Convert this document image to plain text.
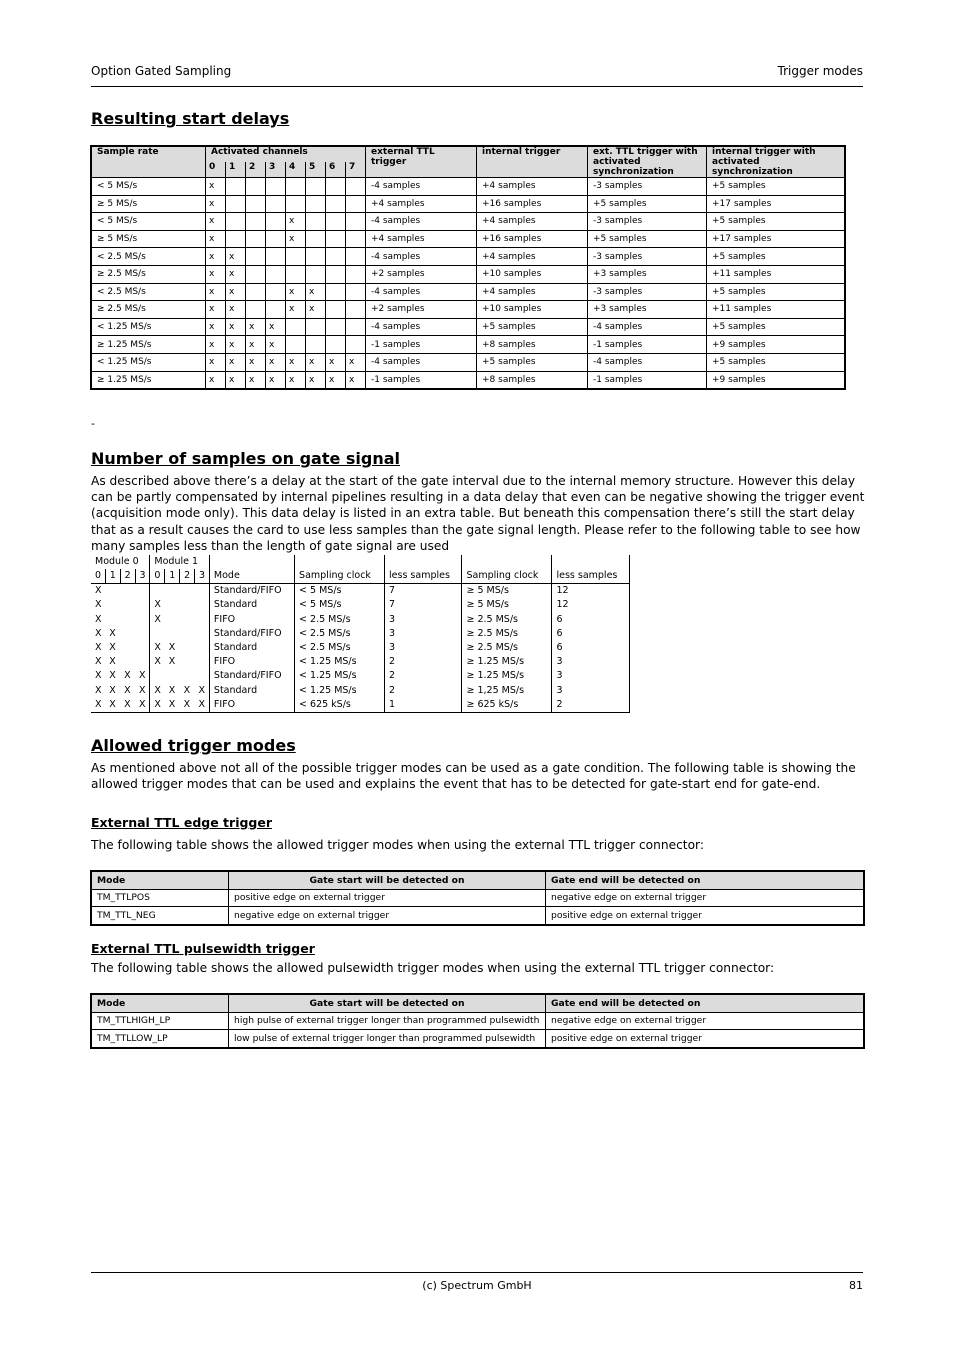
Option Gated Sampling	Trigger modes
Resulting start delays
Sample rate	Activated channels								external TTL trigger	internal trigger	ext. TTL trigger with activated synchronization	internal trigger with activated synchronization
	0	1	2	3	4	5	6	7				
< 5 MS/s	x								-4 samples	+4 samples	-3 samples	+5 samples
≥ 5 MS/s	x								+4 samples	+16 samples	+5 samples	+17 samples
< 5 MS/s	x				x				-4 samples	+4 samples	-3 samples	+5 samples
≥ 5 MS/s	x				x				+4 samples	+16 samples	+5 samples	+17 samples
< 2.5 MS/s	x	x							-4 samples	+4 samples	-3 samples	+5 samples
≥ 2.5 MS/s	x	x							+2 samples	+10 samples	+3 samples	+11 samples
< 2.5 MS/s	x	x			x	x			-4 samples	+4 samples	-3 samples	+5 samples
≥ 2.5 MS/s	x	x			x	x			+2 samples	+10 samples	+3 samples	+11 samples
< 1.25 MS/s	x	x	x	x					-4 samples	+5 samples	-4 samples	+5 samples
≥ 1.25 MS/s	x	x	x	x					-1 samples	+8 samples	-1 samples	+9 samples
< 1.25 MS/s	x	x	x	x	x	x	x	x	-4 samples	+5 samples	-4 samples	+5 samples
≥ 1.25 MS/s	x	x	x	x	x	x	x	x	-1 samples	+8 samples	-1 samples	+9 samples
-
Number of samples on gate signal

As described above there’s a delay at the start of the gate interval due to the internal memory structure. However this delay can be partly compensated by internal pipelines resulting in a data delay that even can be negative showing the trigger event (acquisition mode only). This data delay is listed in an extra table. But beneath this compensation there’s still the start delay that as a result causes the card to use less samples than the gate signal length. Please refer to the following table to see how many samples less than the length of gate signal are used

Module 0				Module 1								
0	1	2	3	0	1	2	3	Mode	Sampling clock	less samples	Sampling clock	less samples
X								Standard/FIFO	< 5 MS/s	7	≥ 5 MS/s	12
X				X				Standard	< 5 MS/s	7	≥ 5 MS/s	12
X				X				FIFO	< 2.5 MS/s	3	≥ 2.5 MS/s	6
X	X							Standard/FIFO	< 2.5 MS/s	3	≥ 2.5 MS/s	6
X	X			X	X			Standard	< 2.5 MS/s	3	≥ 2.5 MS/s	6
X	X			X	X			FIFO	< 1.25 MS/s	2	≥ 1.25 MS/s	3
X	X	X	X					Standard/FIFO	< 1.25 MS/s	2	≥ 1.25 MS/s	3
X	X	X	X	X	X	X	X	Standard	< 1.25 MS/s	2	≥ 1,25 MS/s	3
X	X	X	X	X	X	X	X	FIFO	< 625 kS/s	1	≥ 625 kS/s	2
Allowed trigger modes

As mentioned above not all of the possible trigger modes can be used as a gate condition. The following table is showing the allowed trigger modes that can be used and explains the event that has to be detected for gate-start end for gate-end.

External TTL edge trigger

The following table shows the allowed trigger modes when using the external TTL trigger connector:

Mode	Gate start will be detected on	Gate end will be detected on
TM_TTLPOS	positive edge on external trigger	negative edge on external trigger
TM_TTL_NEG	negative edge on external trigger	positive edge on external trigger
External TTL pulsewidth trigger

The following table shows the allowed pulsewidth trigger modes when using the external TTL trigger connector:

Mode	Gate start will be detected on	Gate end will be detected on
TM_TTLHIGH_LP	high pulse of external trigger longer than programmed pulsewidth	negative edge on external trigger
TM_TTLLOW_LP	low pulse of external trigger longer than programmed pulsewidth	positive edge on external trigger
(c) Spectrum GmbH	81
